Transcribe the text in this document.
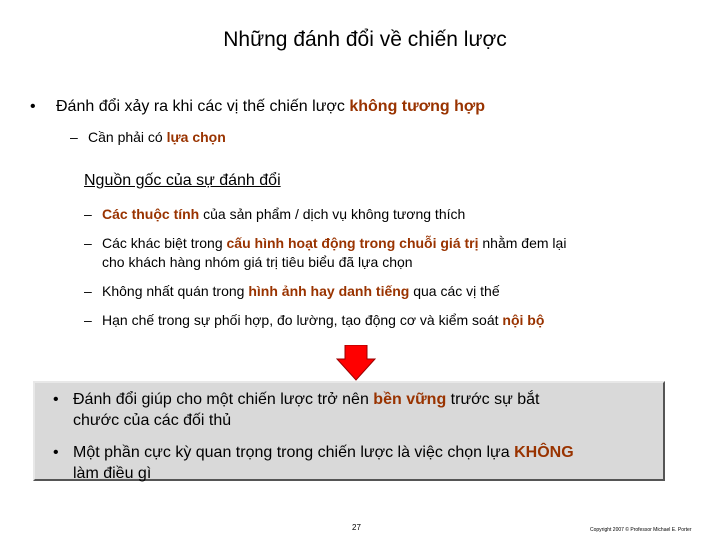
Những đánh đổi về chiến lược
• Đánh đổi xảy ra khi các vị thế chiến lược không tương hợp
– Cần phải có lựa chọn
Nguồn gốc của sự đánh đổi
– Các thuộc tính của sản phẩm / dịch vụ không tương thích
– Các khác biệt trong cấu hình hoạt động trong chuỗi giá trị nhằm đem lại
cho khách hàng nhóm giá trị tiêu biểu đã lựa chọn
– Không nhất quán trong hình ảnh hay danh tiếng qua các vị thế
– Hạn chế trong sự phối hợp, đo lường, tạo động cơ và kiểm soát nội bộ
• Đánh đổi giúp cho một chiến lược trở nên bền vững trước sự bắt
chước của các đối thủ
• Một phần cực kỳ quan trọng trong chiến lược là việc chọn lựa KHÔNG
làm điều gì
27	Copyright 2007 © Professor Michael E. Porter
